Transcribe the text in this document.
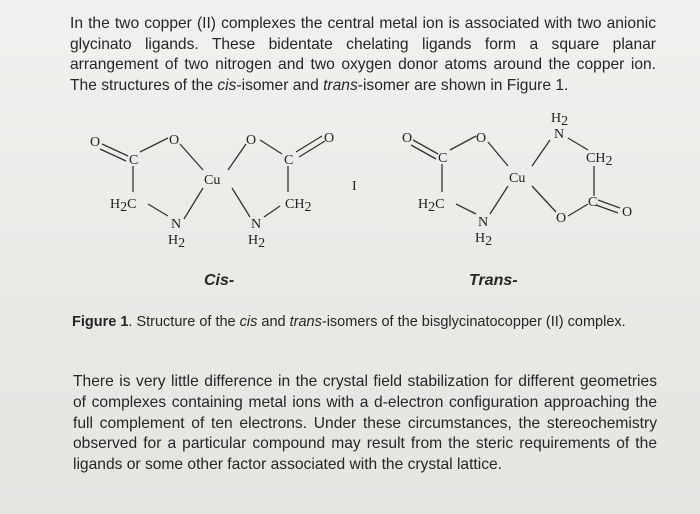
In the two copper (II) complexes the central metal ion is associated with two anionic glycinato ligands. These bidentate chelating ligands form a square planar arrangement of two nitrogen and two oxygen donor atoms around the copper ion. The structures of the cis-isomer and trans-isomer are shown in Figure 1.

O
C
O
Cu
O
C
O
H2C	CH2
N
H2
N
H2
I
O
C
O
Cu
H2
N
CH2
C
O
O
H2C
N
H2
Cis-	Trans-
Figure 1. Structure of the cis and trans-isomers of the bisglycinatocopper (II) complex.

There is very little difference in the crystal field stabilization for different geometries of complexes containing metal ions with a d-electron configuration approaching the full complement of ten electrons. Under these circumstances, the stereochemistry observed for a particular compound may result from the steric requirements of the ligands or some other factor associated with the crystal lattice.
